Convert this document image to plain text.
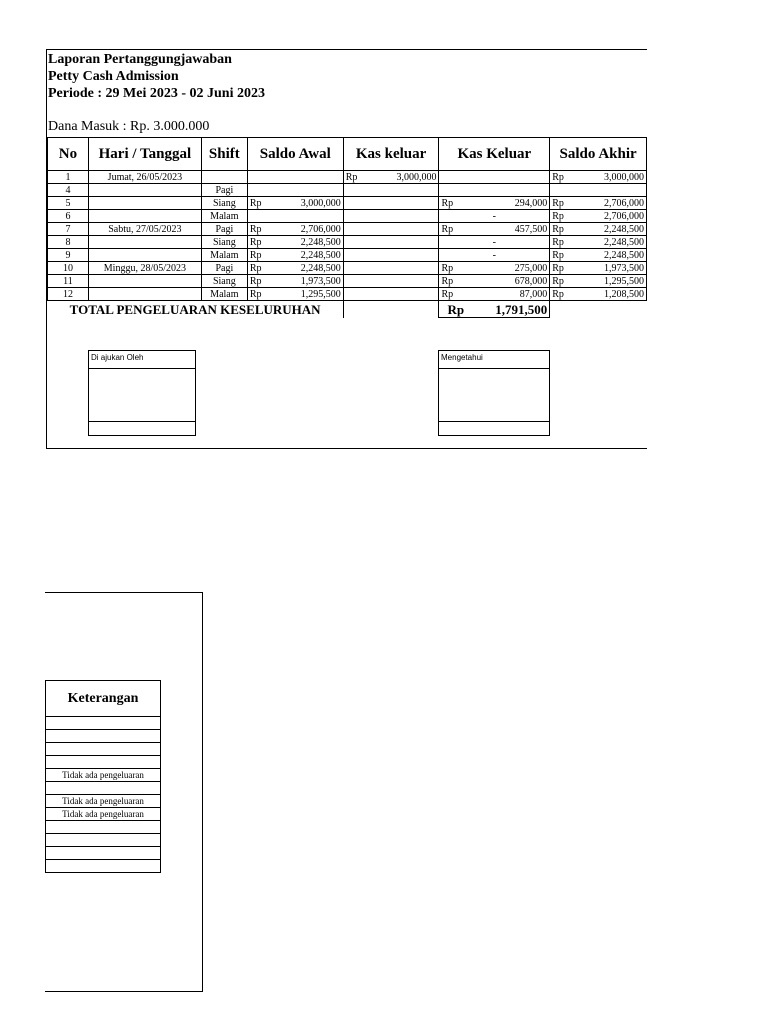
Laporan Pertanggungjawaban
Petty Cash Admission
Periode : 29 Mei 2023 - 02 Juni 2023
Dana Masuk : Rp. 3.000.000
No	Hari / Tanggal	Shift	Saldo Awal	Kas keluar	Kas Keluar	Saldo Akhir
1	Jumat, 26/05/2023			Rp 3,000,000		Rp 3,000,000

4		Pagi				
5		Siang	Rp 3,000,000		Rp 294,000	Rp 2,706,000

6		Malam			-	Rp 2,706,000

7	Sabtu, 27/05/2023	Pagi	Rp 2,706,000		Rp 457,500	Rp 2,248,500

8		Siang	Rp 2,248,500		-	Rp 2,248,500

9		Malam	Rp 2,248,500		-	Rp 2,248,500

10	Minggu, 28/05/2023	Pagi	Rp 2,248,500		Rp 275,000	Rp 1,973,500

11		Siang	Rp 1,973,500		Rp 678,000	Rp 1,295,500

12		Malam	Rp 1,295,500		Rp 87,000	Rp 1,208,500

TOTAL PENGELUARAN KESELURUHAN					Rp 1,791,500	

Di ajukan Oleh	Mengetahui
Keterangan

Tidak ada pengeluaran

Tidak ada pengeluaran
Tidak ada pengeluaran
